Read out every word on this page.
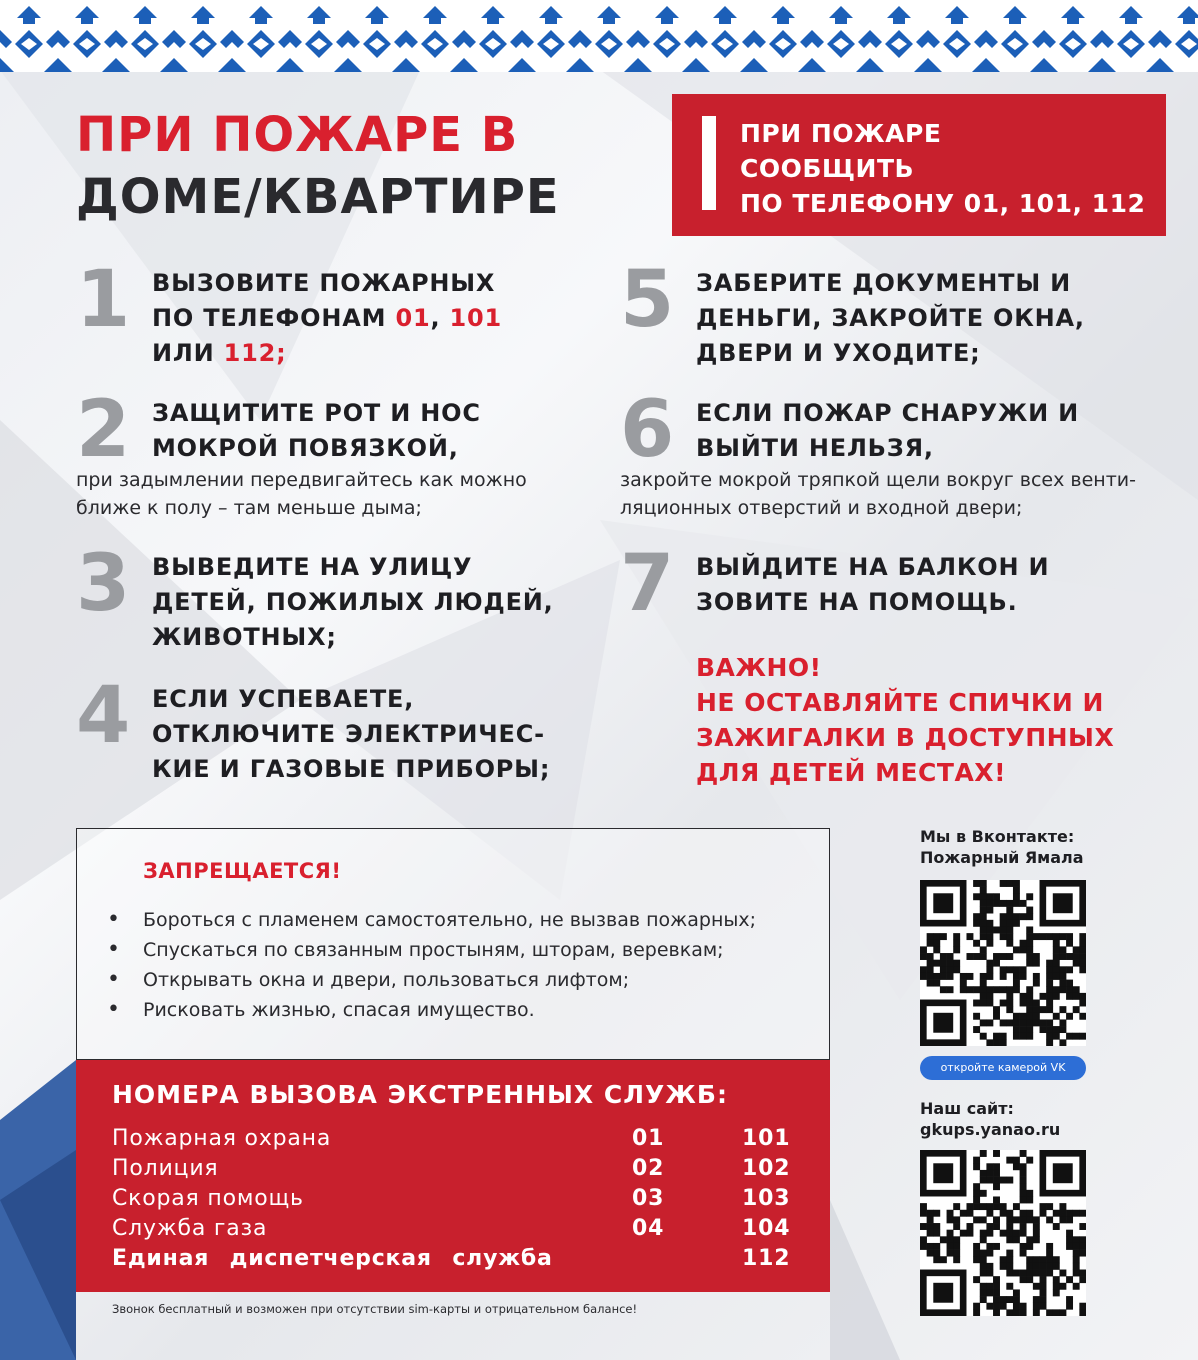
ПРИ ПОЖАРЕ В
ДОМЕ/КВАРТИРЕ
ПРИ ПОЖАРЕ
СООБЩИТЬ
ПО ТЕЛЕФОНУ 01, 101, 112
1 ВЫЗОВИТЕ ПОЖАРНЫХ
ПО ТЕЛЕФОНАМ 01, 101
ИЛИ 112;
2 ЗАЩИТИТЕ РОТ И НОС
МОКРОЙ ПОВЯЗКОЙ,
при задымлении передвигайтесь как можно
ближе к полу – там меньше дыма;
3 ВЫВЕДИТЕ НА УЛИЦУ
ДЕТЕЙ, ПОЖИЛЫХ ЛЮДЕЙ,
ЖИВОТНЫХ;
4 ЕСЛИ УСПЕВАЕТЕ,
ОТКЛЮЧИТЕ ЭЛЕКТРИЧЕС-
КИЕ И ГАЗОВЫЕ ПРИБОРЫ;
5 ЗАБЕРИТЕ ДОКУМЕНТЫ И
ДЕНЬГИ, ЗАКРОЙТЕ ОКНА,
ДВЕРИ И УХОДИТЕ;
6 ЕСЛИ ПОЖАР СНАРУЖИ И
ВЫЙТИ НЕЛЬЗЯ,
закройте мокрой тряпкой щели вокруг всех венти-
ляционных отверстий и входной двери;
7 ВЫЙДИТЕ НА БАЛКОН И
ЗОВИТЕ НА ПОМОЩЬ.
ВАЖНО!
НЕ ОСТАВЛЯЙТЕ СПИЧКИ И
ЗАЖИГАЛКИ В ДОСТУПНЫХ
ДЛЯ ДЕТЕЙ МЕСТАХ!
ЗАПРЕЩАЕТСЯ!
•	Бороться с пламенем самостоятельно, не вызвав пожарных;
•	Спускаться по связанным простыням, шторам, веревкам;
•	Открывать окна и двери, пользоваться лифтом;
•	Рисковать жизнью, спасая имущество.
НОМЕРА ВЫЗОВА ЭКСТРЕННЫХ СЛУЖБ:
Пожарная охрана	01	101
Полиция	02	102
Скорая помощь	03	103
Служба газа	04	104
Единая диспетчерская служба	112
Звонок бесплатный и возможен при отсутствии sim-карты и отрицательном балансе!
Мы в Вконтакте:
Пожарный Ямала
откройте камерой VK
Наш сайт:
gkups.yanao.ru
